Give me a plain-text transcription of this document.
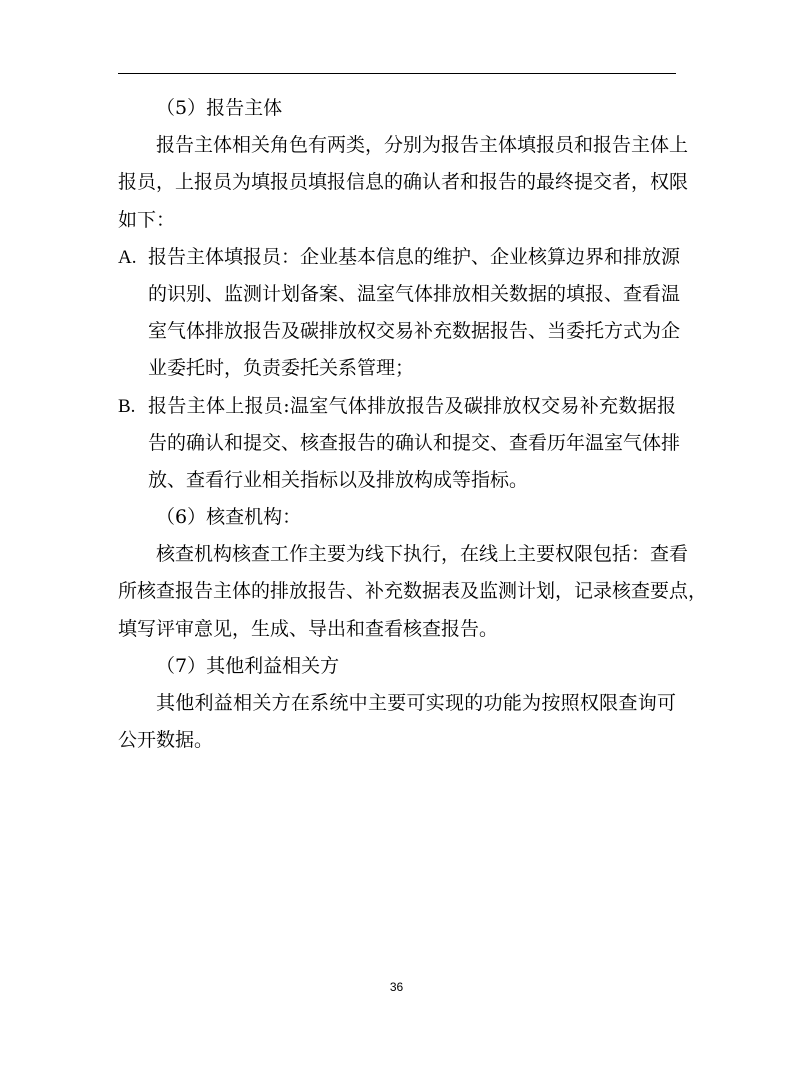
（5）报告主体
报告主体相关角色有两类，分别为报告主体填报员和报告主体上
报员，上报员为填报员填报信息的确认者和报告的最终提交者，权限
如下：
A. 报告主体填报员：企业基本信息的维护、企业核算边界和排放源
的识别、监测计划备案、温室气体排放相关数据的填报、查看温
室气体排放报告及碳排放权交易补充数据报告、当委托方式为企
业委托时，负责委托关系管理；
B. 报告主体上报员:温室气体排放报告及碳排放权交易补充数据报
告的确认和提交、核查报告的确认和提交、查看历年温室气体排
放、查看行业相关指标以及排放构成等指标。
（6）核查机构：
核查机构核查工作主要为线下执行，在线上主要权限包括：查看
所核查报告主体的排放报告、补充数据表及监测计划，记录核查要点，
填写评审意见，生成、导出和查看核查报告。
（7）其他利益相关方
其他利益相关方在系统中主要可实现的功能为按照权限查询可
公开数据。
36
